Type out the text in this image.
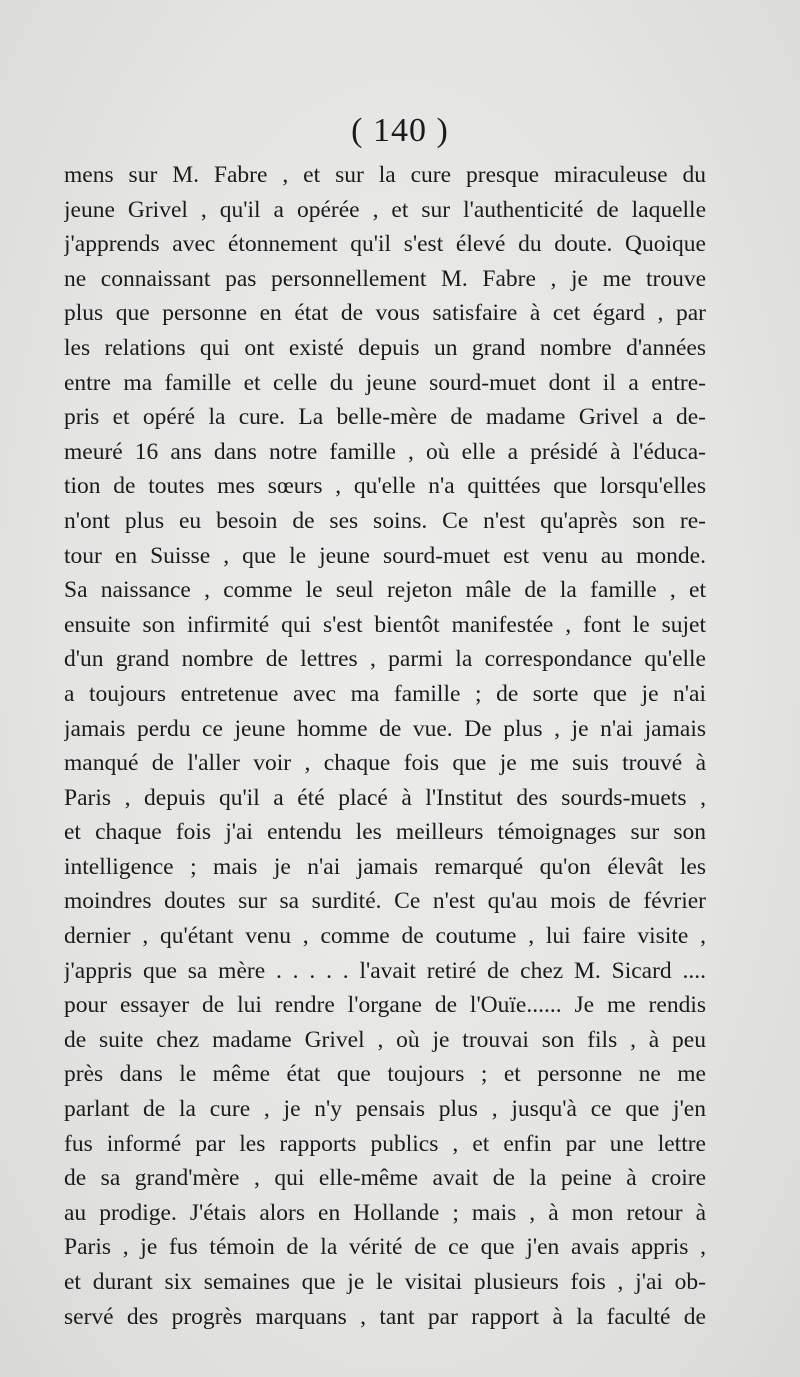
( 140 )
mens sur M. Fabre , et sur la cure presque miraculeuse du
jeune Grivel , qu'il a opérée , et sur l'authenticité de laquelle
j'apprends avec étonnement qu'il s'est élevé du doute. Quoique
ne connaissant pas personnellement M. Fabre , je me trouve
plus que personne en état de vous satisfaire à cet égard , par
les relations qui ont existé depuis un grand nombre d'années
entre ma famille et celle du jeune sourd-muet dont il a entre-
pris et opéré la cure. La belle-mère de madame Grivel a de-
meuré 16 ans dans notre famille , où elle a présidé à l'éduca-
tion de toutes mes sœurs , qu'elle n'a quittées que lorsqu'elles
n'ont plus eu besoin de ses soins. Ce n'est qu'après son re-
tour en Suisse , que le jeune sourd-muet est venu au monde.
Sa naissance , comme le seul rejeton mâle de la famille , et
ensuite son infirmité qui s'est bientôt manifestée , font le sujet
d'un grand nombre de lettres , parmi la correspondance qu'elle
a toujours entretenue avec ma famille ; de sorte que je n'ai
jamais perdu ce jeune homme de vue. De plus , je n'ai jamais
manqué de l'aller voir , chaque fois que je me suis trouvé à
Paris , depuis qu'il a été placé à l'Institut des sourds-muets ,
et chaque fois j'ai entendu les meilleurs témoignages sur son
intelligence ; mais je n'ai jamais remarqué qu'on élevât les
moindres doutes sur sa surdité. Ce n'est qu'au mois de février
dernier , qu'étant venu , comme de coutume , lui faire visite ,
j'appris que sa mère . . . . . l'avait retiré de chez M. Sicard ....
pour essayer de lui rendre l'organe de l'Ouïe...... Je me rendis
de suite chez madame Grivel , où je trouvai son fils , à peu
près dans le même état que toujours ; et personne ne me
parlant de la cure , je n'y pensais plus , jusqu'à ce que j'en
fus informé par les rapports publics , et enfin par une lettre
de sa grand'mère , qui elle-même avait de la peine à croire
au prodige. J'étais alors en Hollande ; mais , à mon retour à
Paris , je fus témoin de la vérité de ce que j'en avais appris ,
et durant six semaines que je le visitai plusieurs fois , j'ai ob-
servé des progrès marquans , tant par rapport à la faculté de
